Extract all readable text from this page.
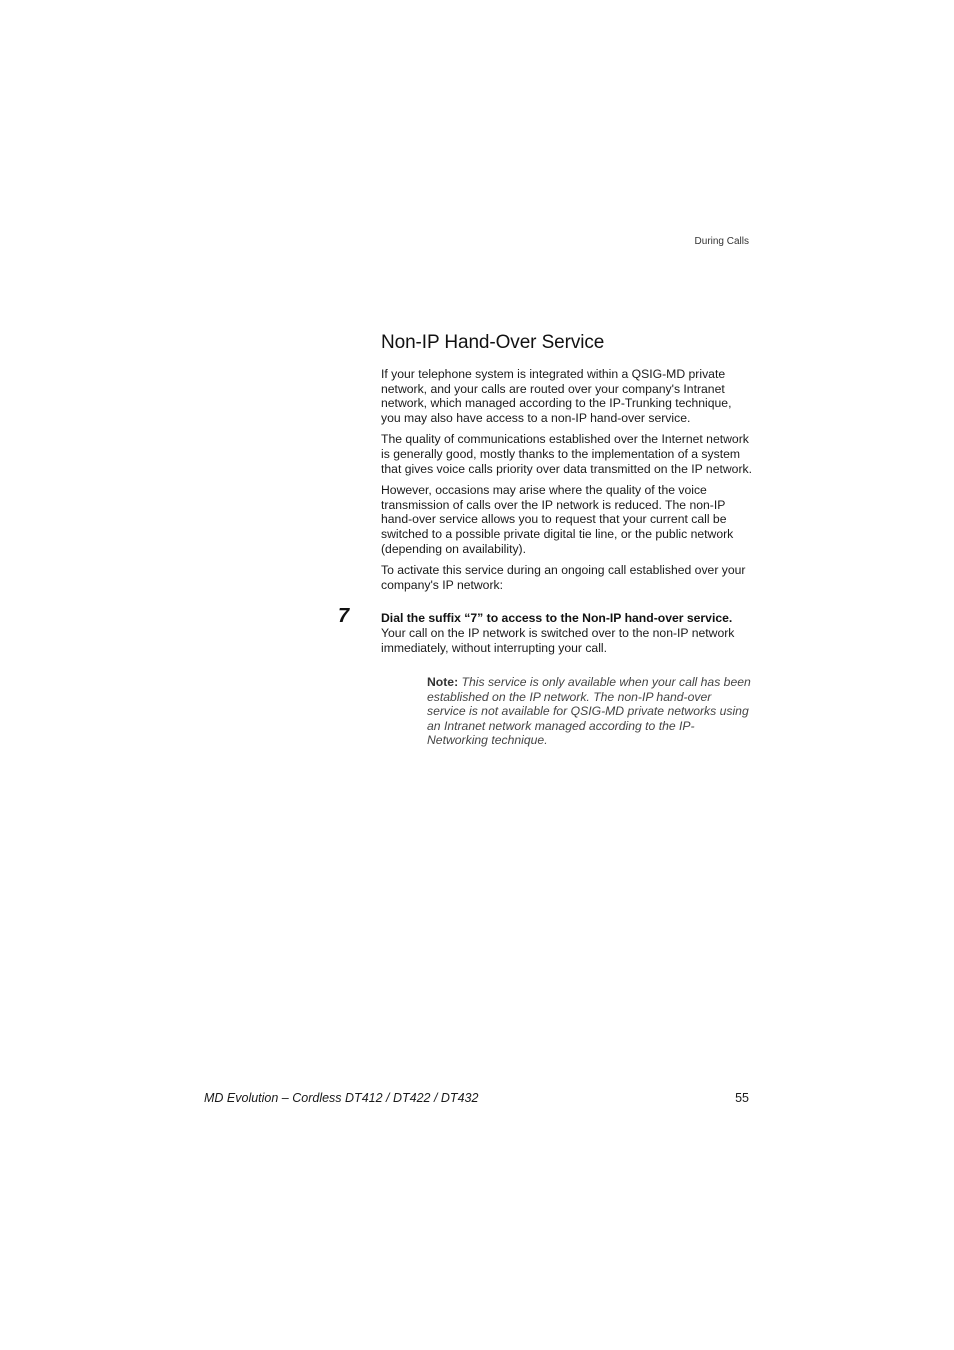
During Calls
Non-IP Hand-Over Service

If your telephone system is integrated within a QSIG-MD private network, and your calls are routed over your company's Intranet network, which managed according to the IP-Trunking technique, you may also have access to a non-IP hand-over service.

The quality of communications established over the Internet network is generally good, mostly thanks to the implementation of a system that gives voice calls priority over data transmitted on the IP network.

However, occasions may arise where the quality of the voice transmission of calls over the IP network is reduced. The non-IP hand-over service allows you to request that your current call be switched to a possible private digital tie line, or the public network (depending on availability).

To activate this service during an ongoing call established over your company's IP network:

7	Dial the suffix “7” to access to the Non-IP hand-over service.
Your call on the IP network is switched over to the non-IP network immediately, without interrupting your call.
Note: This service is only available when your call has been established on the IP network. The non-IP hand-over service is not available for QSIG-MD private networks using an Intranet network managed according to the IP-Networking technique.
MD Evolution – Cordless DT412 / DT422 / DT432	55
